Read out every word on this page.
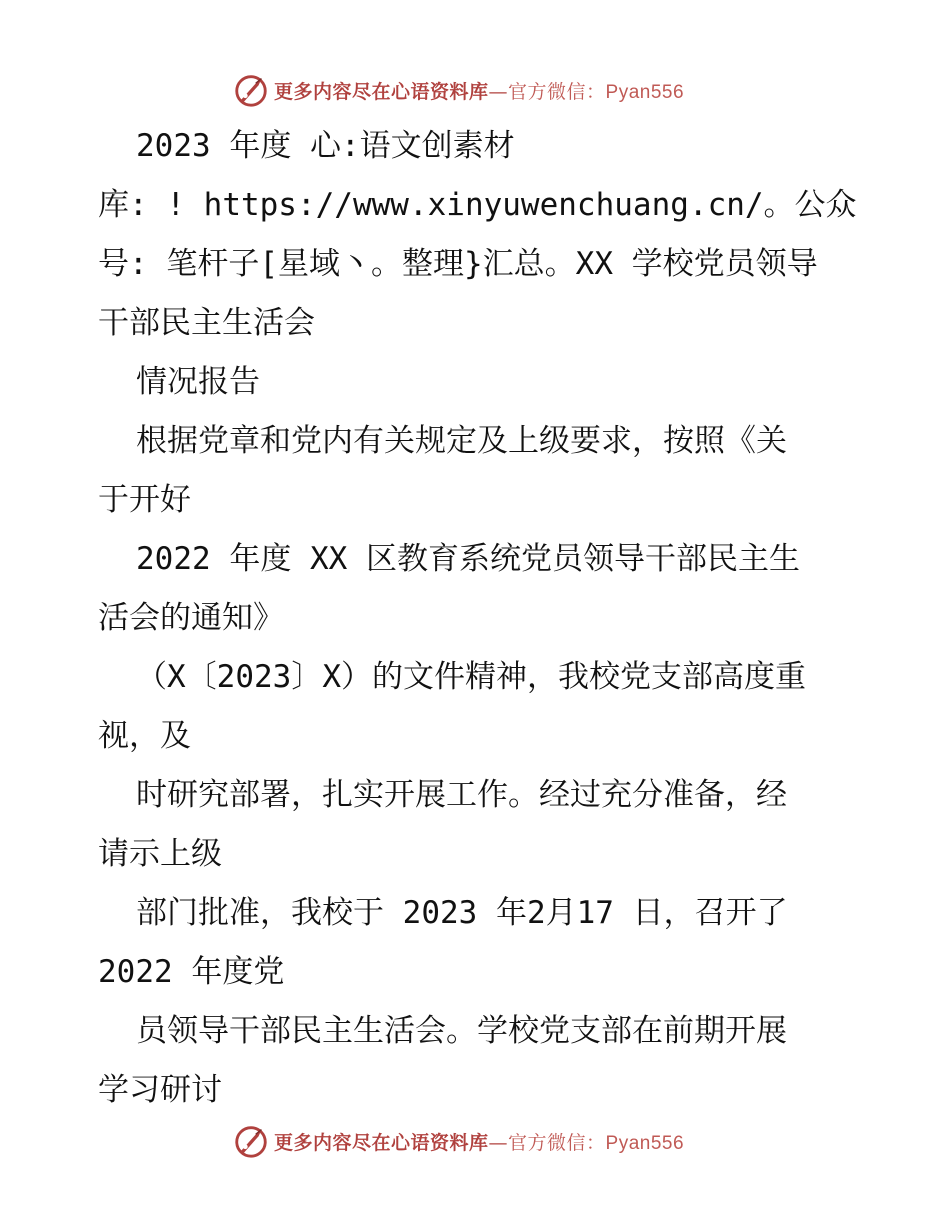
更多内容尽在心语资料库—官方微信：Pyan556
2023 年度 心:语文创素材
库: ! https://www.xinyuwenchuang.cn/。公众
号: 笔杆子[星域丶。整理}汇总。XX 学校党员领导
干部民主生活会
情况报告
根据党章和党内有关规定及上级要求，按照《关
于开好
2022 年度 XX 区教育系统党员领导干部民主生
活会的通知》
（X〔2023〕X）的文件精神，我校党支部高度重
视，及
时研究部署，扎实开展工作。经过充分准备，经
请示上级
部门批准，我校于 2023 年2月17 日，召开了
2022 年度党
员领导干部民主生活会。学校党支部在前期开展
学习研讨
更多内容尽在心语资料库—官方微信：Pyan556
